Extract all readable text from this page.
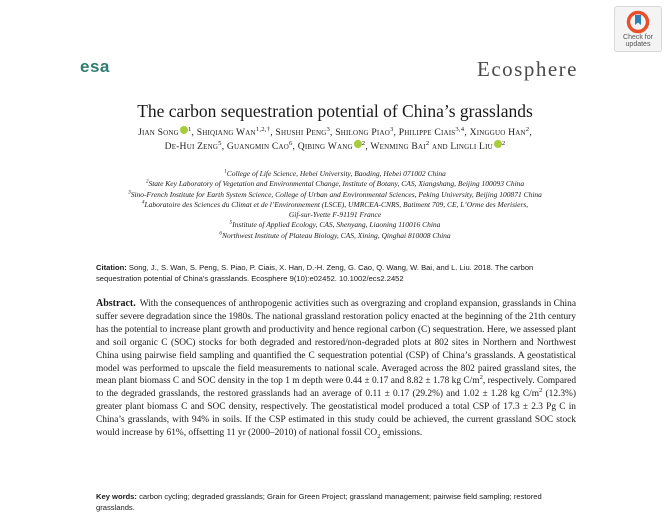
Check for
updates
esa	Ecosphere
The carbon sequestration potential of China’s grasslands
Jian Song $^1$, Shiqiang Wan$^{1,2,\dagger}$, Shushi Peng$^3$, Shilong Piao$^3$, Philippe Ciais$^{3,4}$, Xingguo Han$^2$,
De-Hui Zeng$^5$, Guangmin Cao$^6$, Qibing Wang $^2$, Wenming Bai$^2$ and Lingli Liu $^2$
$^1$College of Life Science, Hebei University, Baoding, Hebei 071002 China
$^2$State Key Laboratory of Vegetation and Environmental Change, Institute of Botany, CAS, Xiangshang, Beijing 100093 China
$^3$Sino-French Institute for Earth System Science, College of Urban and Environmental Sciences, Peking University, Beijing 100871 China
$^4$Laboratoire des Sciences du Climat et de l’Environnement (LSCE), UMRCEA-CNRS, Batiment 709, CE, L’Orme des Merisiers,
Gif-sur-Yvette F-91191 France
$^5$Institute of Applied Ecology, CAS, Shenyang, Liaoning 110016 China
$^6$Northwest Institute of Plateau Biology, CAS, Xining, Qinghai 810008 China
Citation: Song, J., S. Wan, S. Peng, S. Piao, P. Ciais, X. Han, D.-H. Zeng, G. Cao, Q. Wang, W. Bai, and L. Liu. 2018. The carbon sequestration potential of China’s grasslands. Ecosphere 9(10):e02452. 10.1002/ecs2.2452
Abstract. With the consequences of anthropogenic activities such as overgrazing and cropland expansion, grasslands in China suffer severe degradation since the 1980s. The national grassland restoration policy enacted at the beginning of the 21th century has the potential to increase plant growth and productivity and hence regional carbon (C) sequestration. Here, we assessed plant and soil organic C (SOC) stocks for both degraded and restored/non-degraded plots at 802 sites in Northern and Northwest China using pairwise field sampling and quantified the C sequestration potential (CSP) of China’s grasslands. A geostatistical model was performed to upscale the field measurements to national scale. Averaged across the 802 paired grassland sites, the mean plant biomass C and SOC density in the top 1 m depth were 0.44 ± 0.17 and 8.82 ± 1.78 kg $C/m^2$, respectively. Compared to the degraded grasslands, the restored grasslands had an average of 0.11 ± 0.17 (29.2%) and 1.02 ± 1.28 kg $C/m^2$ (12.3%) greater plant biomass C and SOC density, respectively. The geostatistical model produced a total CSP of 17.3 ± 2.3 Pg C in China’s grasslands, with 94% in soils. If the CSP estimated in this study could be achieved, the current grassland SOC stock would increase by 61%, offsetting 11 yr (2000–2010) of national fossil $CO_2$ emissions.
Key words: carbon cycling; degraded grasslands; Grain for Green Project; grassland management; pairwise field sampling; restored grasslands.
